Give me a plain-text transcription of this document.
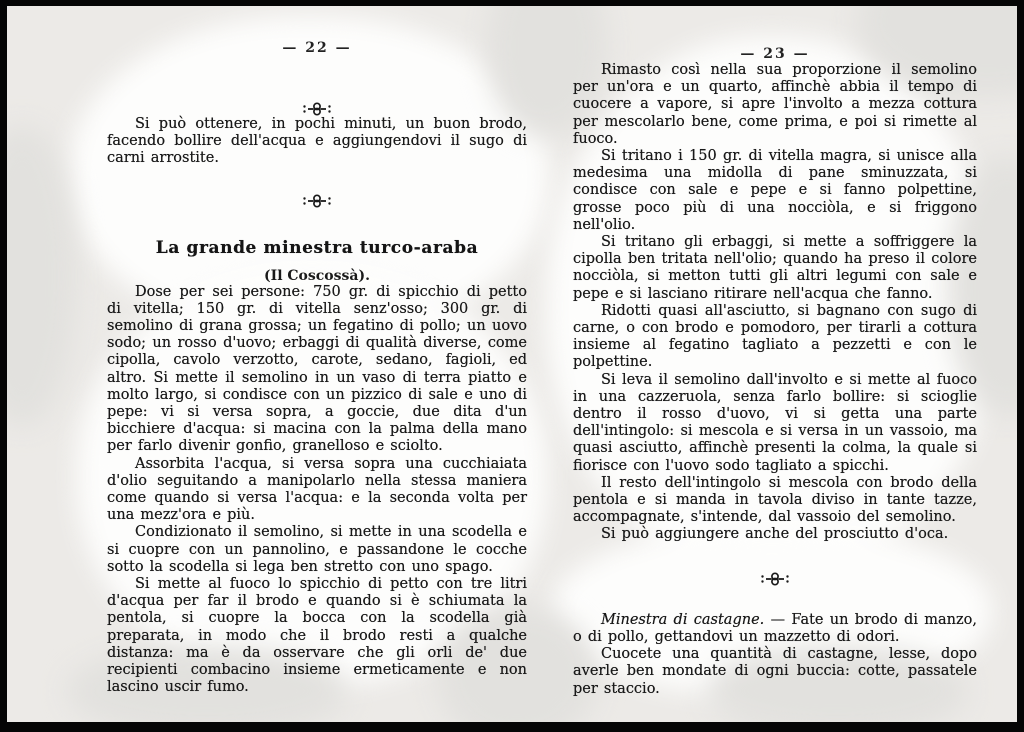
— 22 —

Si può ottenere, in pochi minuti, un buon brodo, facendo bollire dell'acqua e aggiungendovi il sugo di carni arrostite.

La grande minestra turco-araba
(Il Coscossà).

Dose per sei persone: 750 gr. di spicchio di petto di vitella; 150 gr. di vitella senz'osso; 300 gr. di semolino di grana grossa; un fegatino di pollo; un uovo sodo; un rosso d'uovo; erbaggi di qualità diverse, come cipolla, cavolo verzotto, carote, sedano, fagioli, ed altro. Si mette il semolino in un vaso di terra piatto e molto largo, si condisce con un pizzico di sale e uno di pepe: vi si versa sopra, a goccie, due dita d'un bicchiere d'acqua: si macina con la palma della mano per farlo divenir gonfio, granelloso e sciolto.

Assorbita l'acqua, si versa sopra una cucchiaiata d'olio seguitando a manipolarlo nella stessa maniera come quando si versa l'acqua: e la seconda volta per una mezz'ora e più.

Condizionato il semolino, si mette in una scodella e si cuopre con un pannolino, e passandone le cocche sotto la scodella si lega ben stretto con uno spago.

Si mette al fuoco lo spicchio di petto con tre litri d'acqua per far il brodo e quando si è schiumata la pentola, si cuopre la bocca con la scodella già preparata, in modo che il brodo resti a qualche distanza: ma è da osservare che gli orli de' due recipienti combacino insieme ermeticamente e non lascino uscir fumo.

— 23 —

Rimasto così nella sua proporzione il semolino per un'ora e un quarto, affinchè abbia il tempo di cuocere a vapore, si apre l'involto a mezza cottura per mescolarlo bene, come prima, e poi si rimette al fuoco.

Si tritano i 150 gr. di vitella magra, si unisce alla medesima una midolla di pane sminuzzata, si condisce con sale e pepe e si fanno polpettine, grosse poco più di una nocciòla, e si friggono nell'olio.

Si tritano gli erbaggi, si mette a soffriggere la cipolla ben tritata nell'olio; quando ha preso il colore nocciòla, si metton tutti gli altri legumi con sale e pepe e si lasciano ritirare nell'acqua che fanno.

Ridotti quasi all'asciutto, si bagnano con sugo di carne, o con brodo e pomodoro, per tirarli a cottura insieme al fegatino tagliato a pezzetti e con le polpettine.

Si leva il semolino dall'involto e si mette al fuoco in una cazzeruola, senza farlo bollire: si scioglie dentro il rosso d'uovo, vi si getta una parte dell'intingolo: si mescola e si versa in un vassoio, ma quasi asciutto, affinchè presenti la colma, la quale si fiorisce con l'uovo sodo tagliato a spicchi.

Il resto dell'intingolo si mescola con brodo della pentola e si manda in tavola diviso in tante tazze, accompagnate, s'intende, dal vassoio del semolino.

Si può aggiungere anche del prosciutto d'oca.

Minestra di castagne. — Fate un brodo di manzo, o di pollo, gettandovi un mazzetto di odori.

Cuocete una quantità di castagne, lesse, dopo averle ben mondate di ogni buccia: cotte, passatele per staccio.
